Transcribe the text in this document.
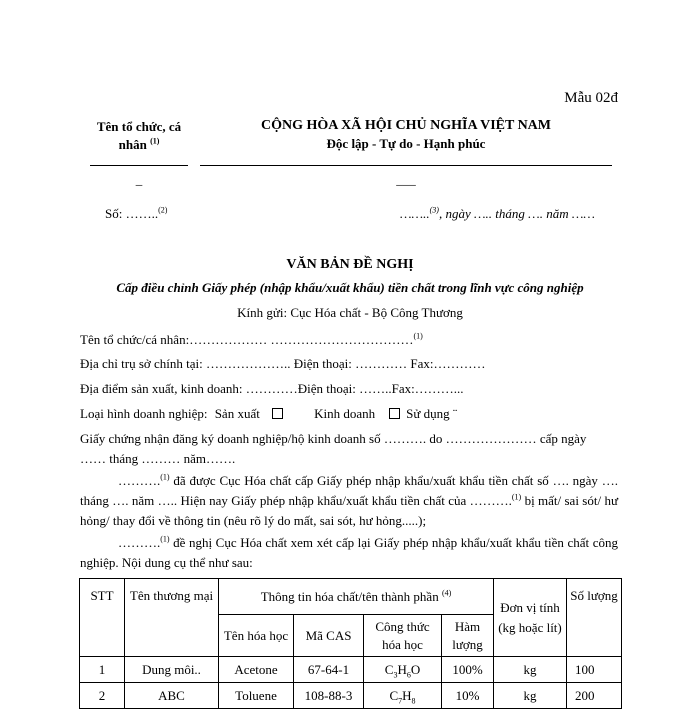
Mẫu 02đ
Tên tổ chức, cá
nhân $^{(1)}$
_
Số: ……..$^{(2)}$
CỘNG HÒA XÃ HỘI CHỦ NGHĨA VIỆT NAM
Độc lập - Tự do - Hạnh phúc
___
……..$^{(3)}$, ngày ….. tháng …. năm ……
VĂN BẢN ĐỀ NGHỊ
Cấp điều chỉnh Giấy phép (nhập khẩu/xuất khẩu) tiền chất trong lĩnh vực công nghiệp
Kính gửi: Cục Hóa chất - Bộ Công Thương
Tên tổ chức/cá nhân:……………… ……………………………$^{(1)}$
Địa chỉ trụ sở chính tại: ……………….. Điện thoại: ………… Fax:…………
Địa điểm sản xuất, kinh doanh: …………Điện thoại: ……..Fax:………...
Loại hình doanh nghiệp: Sản xuất	Kinh doanh Sử dụng ¨
Giấy chứng nhận đăng ký doanh nghiệp/hộ kinh doanh số ………. do ………………… cấp ngày
…… tháng ……… năm…….
……….$^{(1)}$ đã được Cục Hóa chất cấp Giấy phép nhập khẩu/xuất khẩu tiền chất số …. ngày …. tháng …. năm ….. Hiện nay Giấy phép nhập khẩu/xuất khẩu tiền chất của ……….$^{(1)}$ bị mất/ sai sót/ hư hỏng/ thay đổi về thông tin (nêu rõ lý do mất, sai sót, hư hỏng.....);
……….$^{(1)}$ đề nghị Cục Hóa chất xem xét cấp lại Giấy phép nhập khẩu/xuất khẩu tiền chất công nghiệp. Nội dung cụ thể như sau:
STT	Tên thương mại	Thông tin hóa chất/tên thành phần $^{(4)}$				Đơn vị tính (kg hoặc lít)	Số lượng
		Tên hóa học	Mã CAS	Công thức hóa học	Hàm lượng		
1	Dung môi..	Acetone	67-64-1	$C_3H_6O$	100%	kg	100
2	ABC	Toluene	108-88-3	$C_7H_8$	10%	kg	200
